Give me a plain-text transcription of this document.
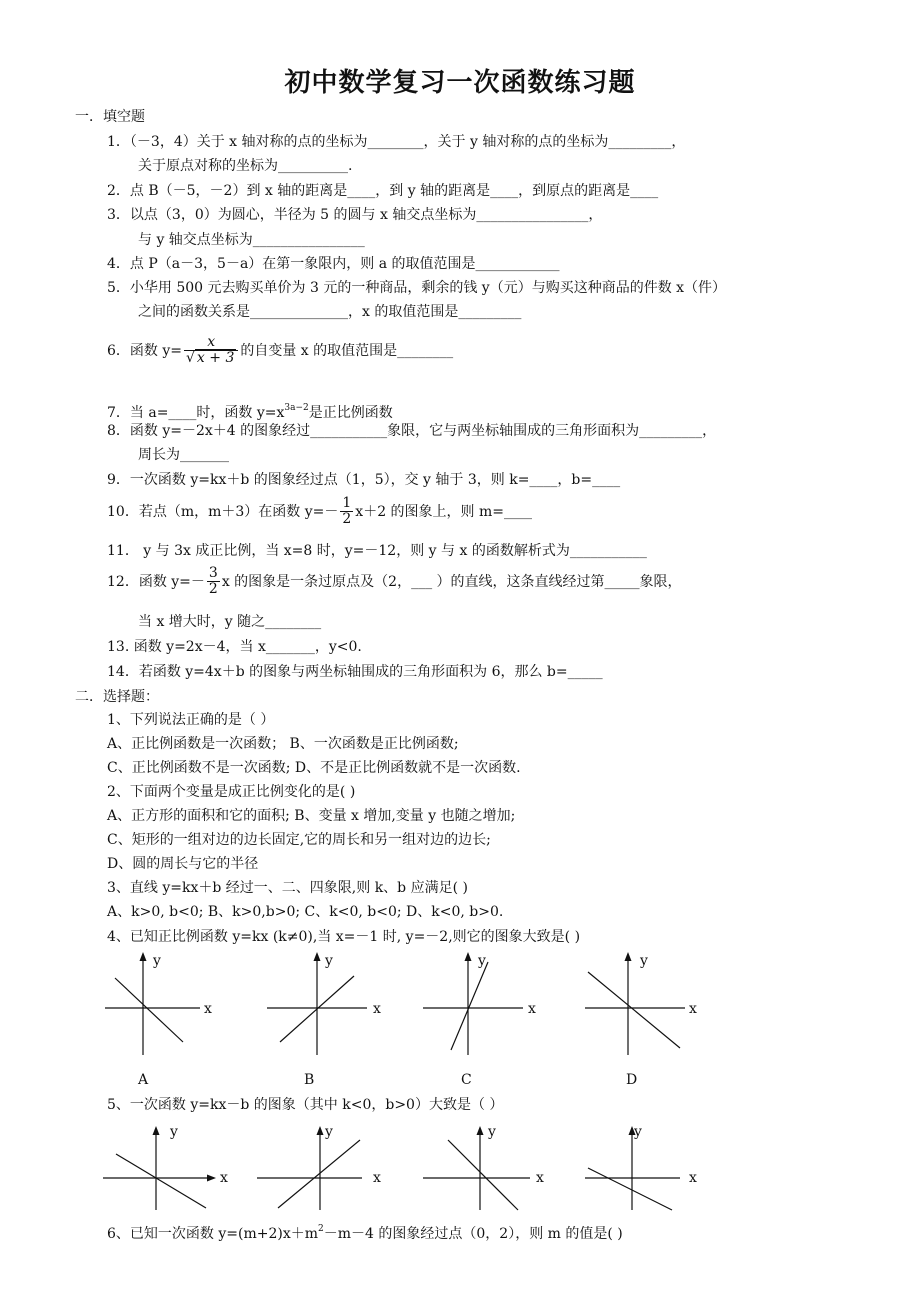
初中数学复习一次函数练习题
一．填空题
1．（－3，4）关于 x 轴对称的点的坐标为________，关于 y 轴对称的点的坐标为_________，
关于原点对称的坐标为__________.
2．点 B（－5，－2）到 x 轴的距离是____，到 y 轴的距离是____，到原点的距离是____
3．以点（3，0）为圆心，半径为 5 的圆与 x 轴交点坐标为________________，
与 y 轴交点坐标为________________
4．点 P（a－3，5－a）在第一象限内，则 a 的取值范围是____________
5．小华用 500 元去购买单价为 3 元的一种商品，剩余的钱 y（元）与购买这种商品的件数 x（件）
之间的函数关系是______________，x 的取值范围是_________
6．函数 $y= \frac{x}{√ x + 3}$ 的自变量 x 的取值范围是________
7．当 a=____时，函数 $y=x^{3a-2}$是正比例函数
8．函数 y=－2x＋4 的图象经过___________象限，它与两坐标轴围成的三角形面积为_________，
周长为_______
9．一次函数 y=kx＋b 的图象经过点（1，5），交 y 轴于 3，则 k=____，b=____
10．若点（m，m＋3）在函数 $y=- \frac{1}{2} x+2$ 的图象上，则 m=____
11． y 与 3x 成正比例，当 x=8 时，y=－12，则 y 与 x 的函数解析式为___________
12．函数 $y=- \frac{3}{2}$ x 的图象是一条过原点及（2，___ ）的直线，这条直线经过第_____象限，
当 x 增大时，y 随之________
13. 函数 y=2x－4，当 x_______，y<0.
14．若函数 y=4x＋b 的图象与两坐标轴围成的三角形面积为 6，那么 b=_____
二．选择题：
1、下列说法正确的是（ ）
A、正比例函数是一次函数； B、一次函数是正比例函数;
C、正比例函数不是一次函数; D、不是正比例函数就不是一次函数.
2、下面两个变量是成正比例变化的是( )
A、正方形的面积和它的面积; B、变量 x 增加,变量 y 也随之增加;
C、矩形的一组对边的边长固定,它的周长和另一组对边的边长;
D、圆的周长与它的半径
3、直线 y=kx＋b 经过一、二、四象限,则 k、b 应满足( )
A、k>0, b<0; B、k>0,b>0; C、k<0, b<0; D、k<0, b>0.
4、已知正比例函数 y=kx (k≠0),当 x=－1 时, y=－2,则它的图象大致是( )
y
x
A
y
x
B
y
x
C
y
x
D
5、一次函数 y=kx－b 的图象（其中 k<0，b>0）大致是（ ）
y
x
y
x
y
x
y
x
6、已知一次函数 $y=(m+2)x+m^2-m-4$ 的图象经过点（0，2），则 m 的值是( )
